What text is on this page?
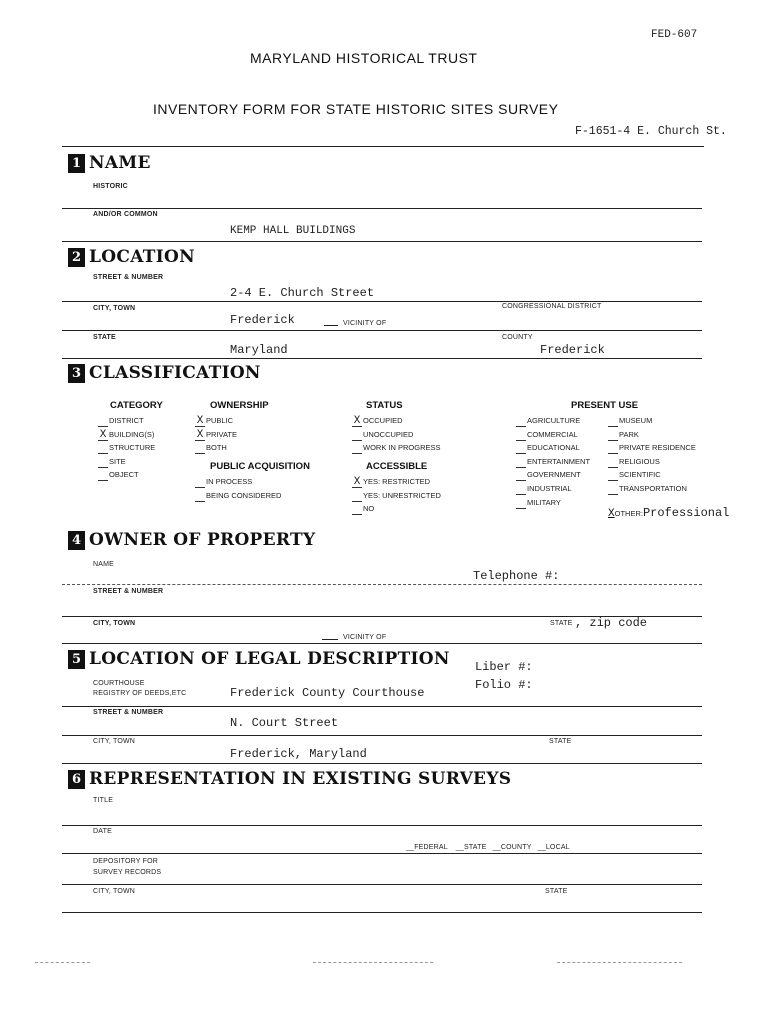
FED-607
MARYLAND HISTORICAL TRUST
INVENTORY FORM FOR STATE HISTORIC SITES SURVEY
F-1651-4 E. Church St.
1 NAME
HISTORIC
AND/OR COMMON
KEMP HALL BUILDINGS
2 LOCATION
STREET & NUMBER
2-4 E. Church Street
CITY, TOWN
Frederick	VICINITY OF
CONGRESSIONAL DISTRICT
STATE
Maryland
COUNTY
Frederick
3 CLASSIFICATION
CATEGORY
DISTRICT
X BUILDING(S)
STRUCTURE
SITE
OBJECT
OWNERSHIP
X PUBLIC
X PRIVATE
BOTH
PUBLIC ACQUISITION
IN PROCESS
BEING CONSIDERED
STATUS
X OCCUPIED
UNOCCUPIED
WORK IN PROGRESS
ACCESSIBLE
X YES: RESTRICTED
YES: UNRESTRICTED
NO
PRESENT USE
AGRICULTURE
COMMERCIAL
EDUCATIONAL
ENTERTAINMENT
GOVERNMENT
INDUSTRIAL
MILITARY
MUSEUM
PARK
PRIVATE RESIDENCE
RELIGIOUS
SCIENTIFIC
TRANSPORTATION
XOTHER:Professional
4 OWNER OF PROPERTY
NAME
Telephone #:
STREET & NUMBER
CITY, TOWN	STATE , zip code
VICINITY OF
5 LOCATION OF LEGAL DESCRIPTION Liber #:
Folio #:
COURTHOUSE
REGISTRY OF DEEDS,ETC	Frederick County Courthouse
STREET & NUMBER
N. Court Street
CITY, TOWN	STATE
Frederick, Maryland
6 REPRESENTATION IN EXISTING SURVEYS
TITLE
DATE
__FEDERAL __STATE __COUNTY __LOCAL
DEPOSITORY FOR
SURVEY RECORDS
CITY, TOWN	STATE
